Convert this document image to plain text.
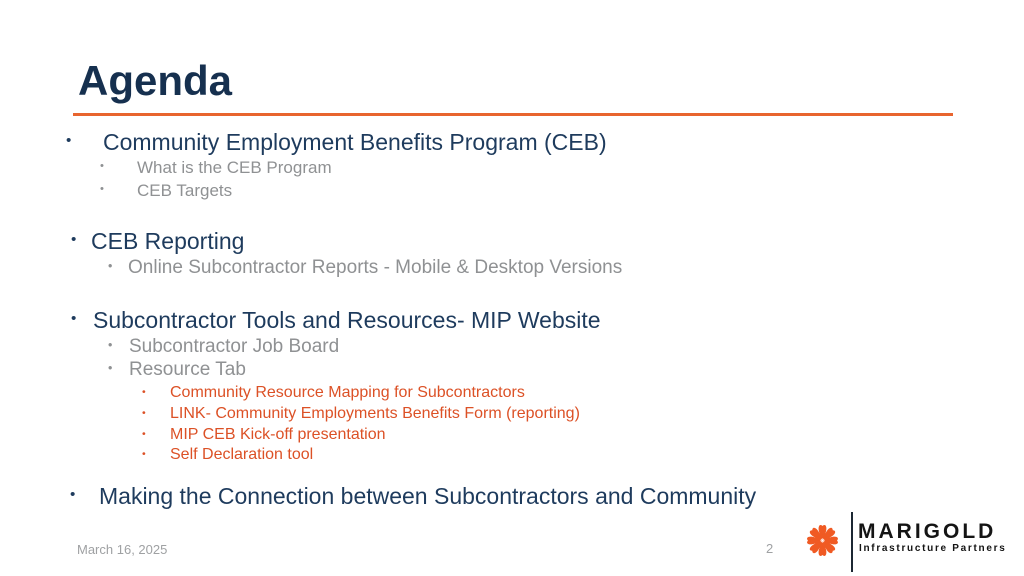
Agenda
• Community Employment Benefits Program (CEB)
• What is the CEB Program
• CEB Targets
• CEB Reporting
• Online Subcontractor Reports - Mobile & Desktop Versions
• Subcontractor Tools and Resources- MIP Website
• Subcontractor Job Board
• Resource Tab
• Community Resource Mapping for Subcontractors
• LINK- Community Employments Benefits Form (reporting)
• MIP CEB Kick-off presentation
• Self Declaration tool
• Making the Connection between Subcontractors and Community
March 16, 2025	2
MARIGOLD
Infrastructure Partners
